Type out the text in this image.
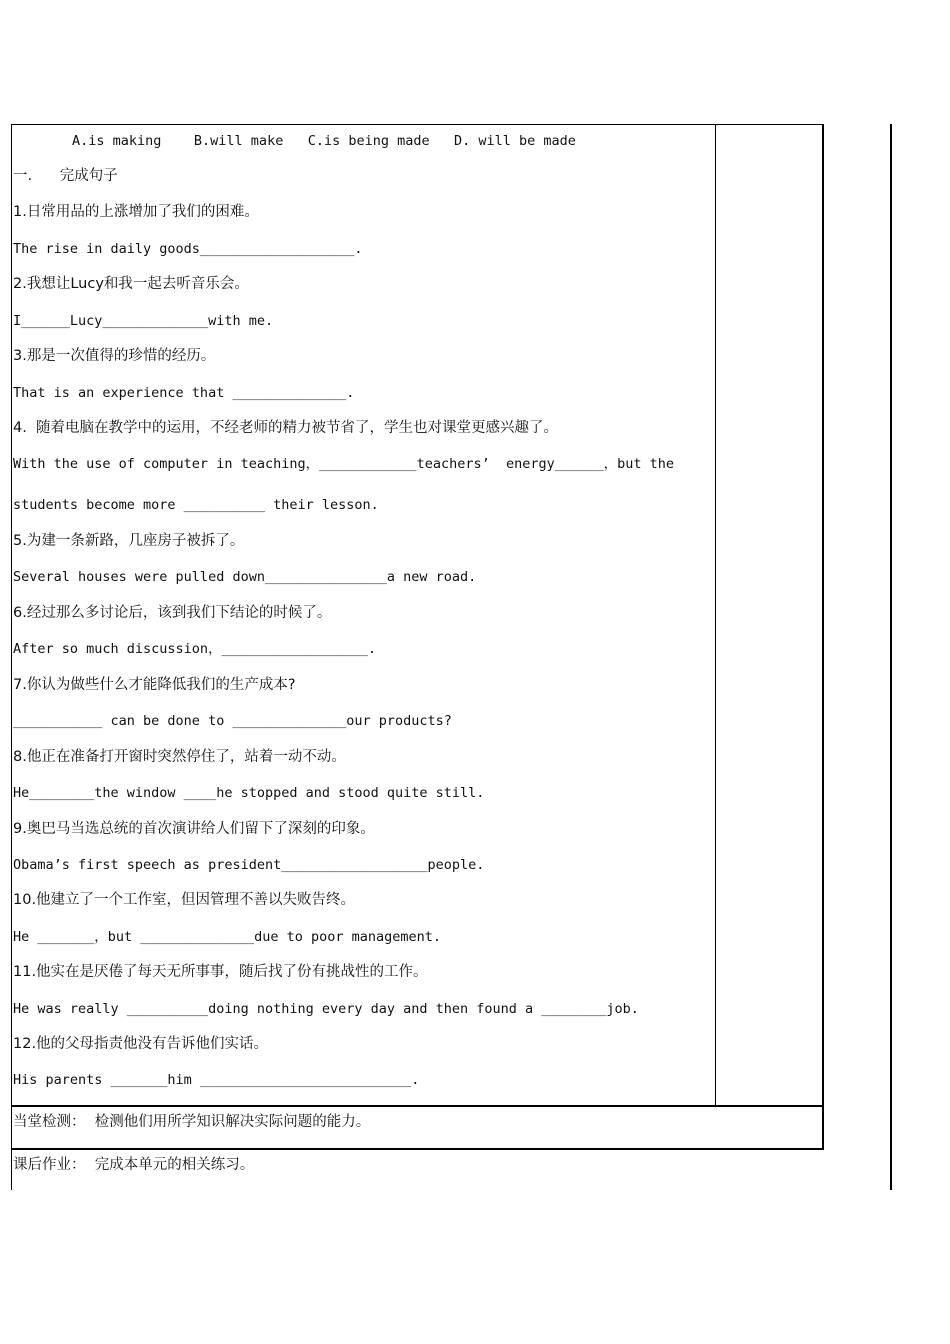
A.is making    B.will make   C.is being made   D. will be made
一.      完成句子
1.日常用品的上涨增加了我们的困难。
The rise in daily goods___________________.
2.我想让Lucy和我一起去听音乐会。
I______Lucy_____________with me.
3.那是一次值得的珍惜的经历。
That is an experience that ______________.
4.  随着电脑在教学中的运用，不经老师的精力被节省了，学生也对课堂更感兴趣了。
With the use of computer in teaching，____________teachers’  energy______，but the
students become more __________ their lesson.
5.为建一条新路，几座房子被拆了。
Several houses were pulled down_______________a new road.
6.经过那么多讨论后，该到我们下结论的时候了。
After so much discussion，__________________.
7.你认为做些什么才能降低我们的生产成本?
___________ can be done to ______________our products?
8.他正在准备打开窗时突然停住了，站着一动不动。
He________the window ____he stopped and stood quite still.
9.奥巴马当选总统的首次演讲给人们留下了深刻的印象。
Obama’s first speech as president__________________people.
10.他建立了一个工作室，但因管理不善以失败告终。
He _______，but ______________due to poor management.
11.他实在是厌倦了每天无所事事，随后找了份有挑战性的工作。
He was really __________doing nothing every day and then found a ________job.
12.他的父母指责他没有告诉他们实话。
His parents _______him __________________________.
当堂检测：  检测他们用所学知识解决实际问题的能力。
课后作业：  完成本单元的相关练习。
